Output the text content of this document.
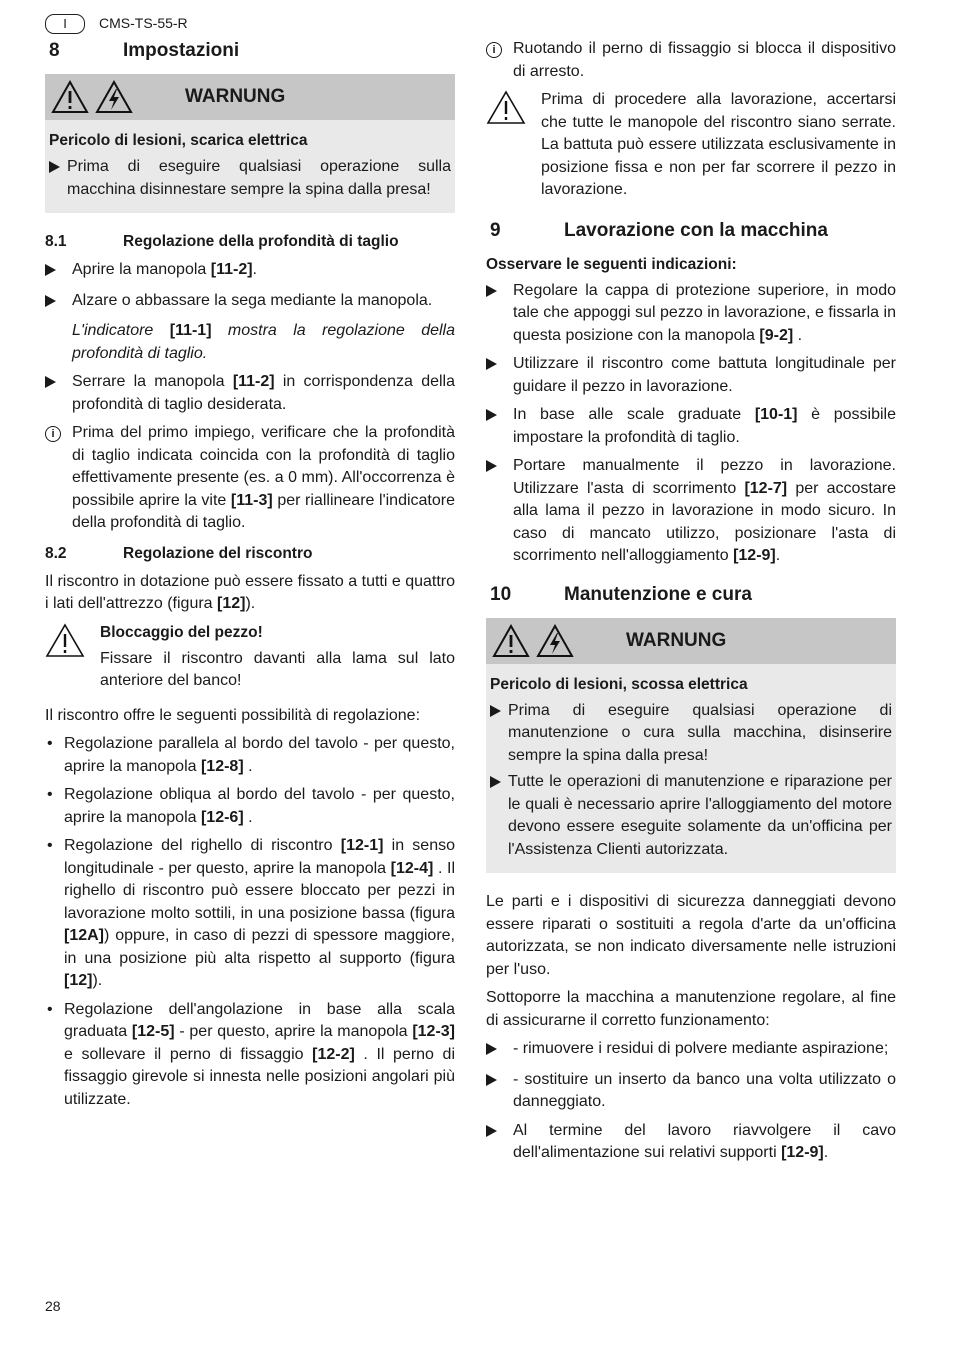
I	CMS-TS-55-R
8	Impostazioni
WARNUNG
Pericolo di lesioni, scarica elettrica
Prima di eseguire qualsiasi operazione sulla macchina disinnestare sempre la spina dalla presa!
8.1	Regolazione della profondità di taglio
Aprire la manopola [11-2].
Alzare o abbassare la sega mediante la manopola.
L'indicatore [11-1] mostra la regolazione della profondità di taglio.
Serrare la manopola [11-2] in corrispondenza della profondità di taglio desiderata.
i	Prima del primo impiego, verificare che la profondità di taglio indicata coincida con la profondità di taglio effettivamente presente (es. a 0 mm). All'occorrenza è possibile aprire la vite [11-3] per riallineare l'indicatore della profondità di taglio.
8.2	Regolazione del riscontro

Il riscontro in dotazione può essere fissato a tutti e quattro i lati dell'attrezzo (figura [12]).

Bloccaggio del pezzo!

Fissare il riscontro davanti alla lama sul lato anteriore del banco!

Il riscontro offre le seguenti possibilità di regolazione:

• Regolazione parallela al bordo del tavolo - per questo, aprire la manopola [12-8] .
• Regolazione obliqua al bordo del tavolo - per questo, aprire la manopola [12-6] .
• Regolazione del righello di riscontro [12-1] in senso longitudinale - per questo, aprire la manopola [12-4] . Il righello di riscontro può essere bloccato per pezzi in lavorazione molto sottili, in una posizione bassa (figura [12A]) oppure, in caso di pezzi di spessore maggiore, in una posizione più alta rispetto al supporto (figura [12]).
• Regolazione dell'angolazione in base alla scala graduata [12-5] - per questo, aprire la manopola [12-3] e sollevare il perno di fissaggio [12-2] . Il perno di fissaggio girevole si innesta nelle posizioni angolari più utilizzate.
i	Ruotando il perno di fissaggio si blocca il dispositivo di arresto.

Prima di procedere alla lavorazione, accertarsi che tutte le manopole del riscontro siano serrate. La battuta può essere utilizzata esclusivamente in posizione fissa e non per far scorrere il pezzo in lavorazione.

9	Lavorazione con la macchina
Osservare le seguenti indicazioni:
Regolare la cappa di protezione superiore, in modo tale che appoggi sul pezzo in lavorazione, e fissarla in questa posizione con la manopola [9-2] .
Utilizzare il riscontro come battuta longitudinale per guidare il pezzo in lavorazione.
In base alle scale graduate [10-1] è possibile impostare la profondità di taglio.
Portare manualmente il pezzo in lavorazione. Utilizzare l'asta di scorrimento [12-7] per accostare alla lama il pezzo in lavorazione in modo sicuro. In caso di mancato utilizzo, posizionare l'asta di scorrimento nell'alloggiamento [12-9].
10	Manutenzione e cura
WARNUNG
Pericolo di lesioni, scossa elettrica
Prima di eseguire qualsiasi operazione di manutenzione o cura sulla macchina, disinserire sempre la spina dalla presa!
Tutte le operazioni di manutenzione e riparazione per le quali è necessario aprire l'alloggiamento del motore devono essere eseguite solamente da un'officina per l'Assistenza Clienti autorizzata.

Le parti e i dispositivi di sicurezza danneggiati devono essere riparati o sostituiti a regola d'arte da un'officina autorizzata, se non indicato diversamente nelle istruzioni per l'uso.

Sottoporre la macchina a manutenzione regolare, al fine di assicurarne il corretto funzionamento:

- rimuovere i residui di polvere mediante aspirazione;
- sostituire un inserto da banco una volta utilizzato o danneggiato.
Al termine del lavoro riavvolgere il cavo dell'alimentazione sui relativi supporti [12-9].
28
